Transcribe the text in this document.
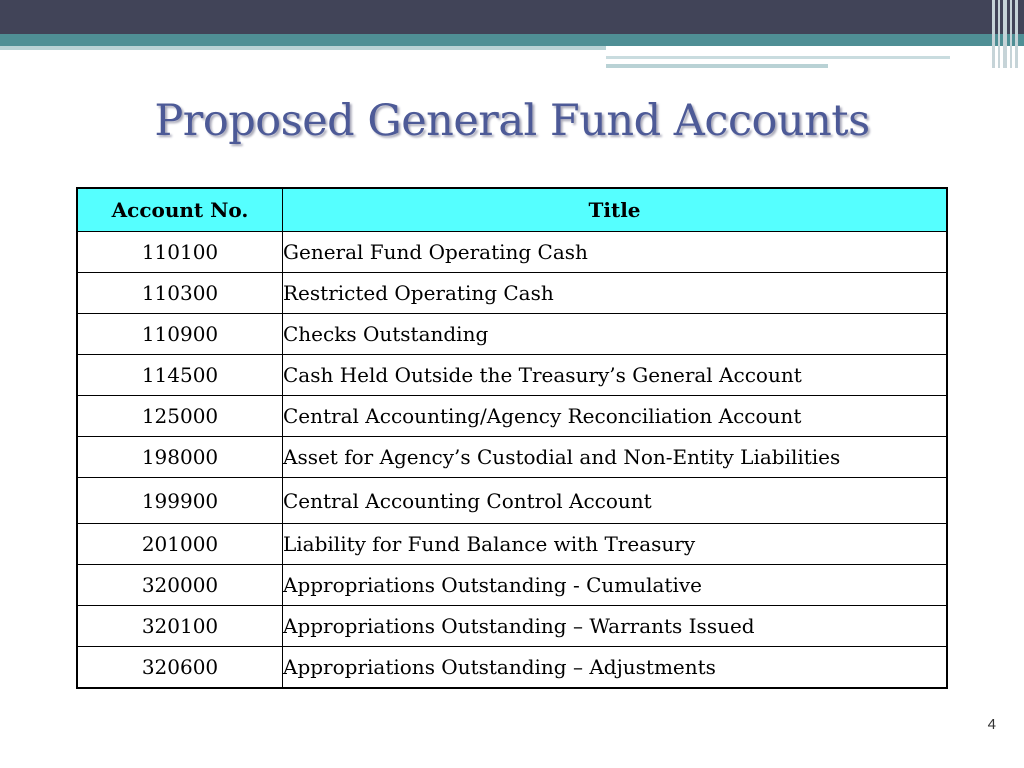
Proposed General Fund Accounts
Account No.	Title
110100	General Fund Operating Cash
110300	Restricted Operating Cash
110900	Checks Outstanding
114500	Cash Held Outside the Treasury’s General Account
125000	Central Accounting/Agency Reconciliation Account
198000	Asset for Agency’s Custodial and Non-Entity Liabilities
199900	Central Accounting Control Account
201000	Liability for Fund Balance with Treasury
320000	Appropriations Outstanding - Cumulative
320100	Appropriations Outstanding – Warrants Issued
320600	Appropriations Outstanding – Adjustments
4
